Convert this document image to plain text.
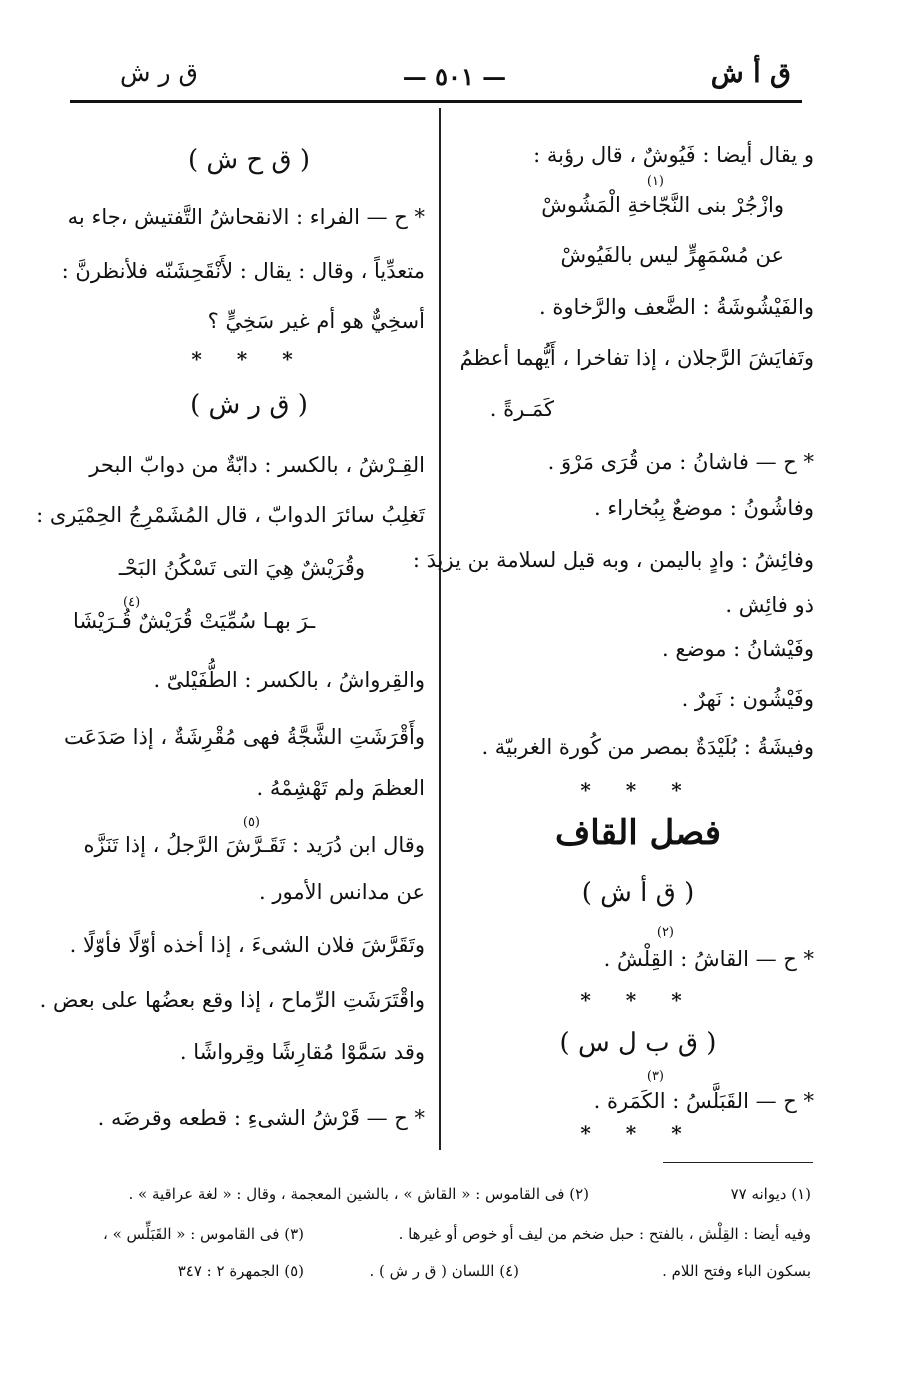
ق أ ش
— ٥٠١ —
ق ر ش
و يقال أيضا : فَيُوشٌ ، قال رؤبة :
(١)
وازْجُرْ بنى النَّجّاخةِ الْمَشُوشْ
عن مُسْمَهِرٍّ ليس بالفَيُوشْ
والفَيْشُوشَةُ : الضَّعف والرَّخاوة .
وتَفايَشَ الرَّجلان ، إذا تفاخرا ، أَيُّهما أعظمُ
كَمَـرةً .
* ح — فاشانُ : من قُرَى مَرْوَ .
وفاشُونُ : موضعٌ بِبُخاراء .
وفائِشُ : وادٍ باليمن ، وبه قيل لسلامة بن يزيدَ :
ذو فائِش .
وفَيْشانُ : موضع .
وفَيْشُون : نَهرٌ .
وفيشَةُ : بُلَيْدَةٌ بمصر من كُورة الغربيّة .
* * *
فصل القاف
( ق أ ش )
(٢)
* ح — القاشُ : القِلْشُ .
* * *
( ق ب ل س )
(٣)
* ح — القَبَلَّسُ : الكَمَرة .
* * *
( ق ح ش )
* ح — الفراء : الانقحاشُ التَّفتيش ،جاء به
متعدِّياً ، وقال : يقال : لأَنْقَحِشَنّه فلأنظرنَّ :
أسخِيٌّ هو أم غير سَخِيٍّ ؟
* * *
( ق ر ش )
القِـرْشُ ، بالكسر : دابّةٌ من دوابّ البحر
تَغلِبُ سائرَ الدوابّ ، قال المُشَمْرِجُ الحِمْيَرى :
وقُرَيْشٌ هِيَ التى تَسْكُنُ البَحْـ
(٤)
ـرَ بهـا سُمِّيَتْ قُرَيْشٌ قُـرَيْشَا
والقِرواشُ ، بالكسر : الطُّفَيْلىّ .
وأَقْرَشَتِ الشَّجَّةُ فهى مُقْرِشَةٌ ، إذا صَدَعَت
العظمَ ولم تَهْشِمْهُ .
(٥)
وقال ابن دُرَيد : تَقَـرَّشَ الرَّجلُ ، إذا تَنَزَّه
عن مدانس الأمور .
وتَقَرَّشَ فلان الشىءَ ، إذا أخذه أوّلًا فأوّلًا .
واقْتَرَشَتِ الرِّماح ، إذا وقع بعضُها على بعض .
وقد سَمَّوْا مُقارِشًا وقِرواشًا .
* ح — قَرْشُ الشىءِ : قطعه وقرضَه .
(١) ديوانه ٧٧
(٢) فى القاموس : « القاش » ، بالشين المعجمة ، وقال : « لغة عراقية » .
وفيه أيضا : القِلْش ، بالفتح : حبل ضخم من ليف أو خوص أو غيرها .
(٣) فى القاموس : « القَبَلِّس » ،
بسكون الباء وفتح اللام .
(٤) اللسان ( ق ر ش ) .
(٥) الجمهرة ٢ : ٣٤٧
